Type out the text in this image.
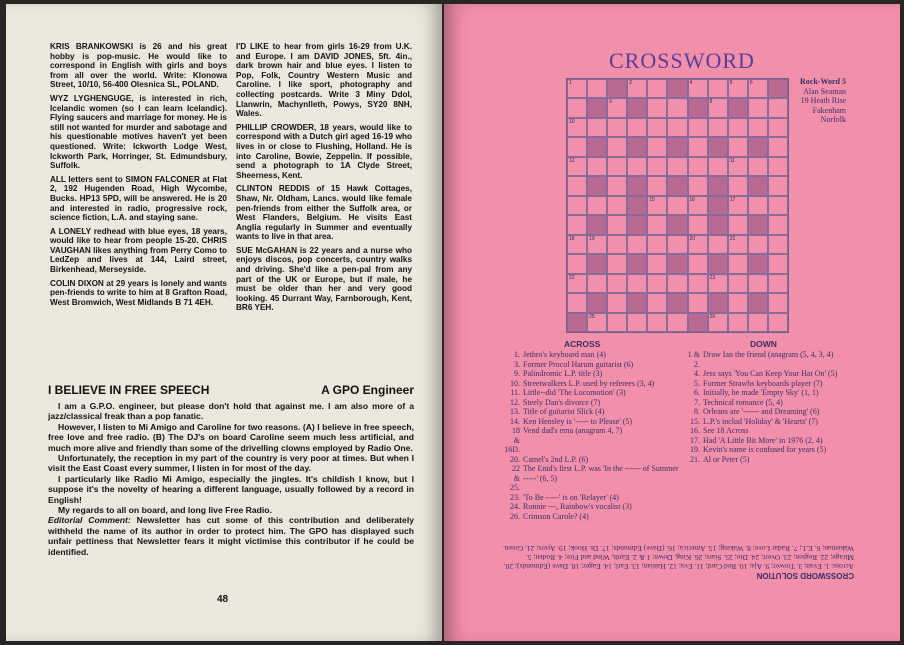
KRIS BRANKOWSKI is 26 and his great hobby is pop-music. He would like to correspond in English with girls and boys from all over the world. Write: Klonowa Street, 10/10, 56-400 Olesnica SL, POLAND.

WYZ LYGHENGUGE, is interested in rich, Icelandic women (so I can learn Icelandic). Flying saucers and marriage for money. He is still not wanted for murder and sabotage and his questionable motives haven't yet been questioned. Write: Ickworth Lodge West, Ickworth Park, Horringer, St. Edmundsbury, Suffolk.

ALL letters sent to SIMON FALCONER at Flat 2, 192 Hugenden Road, High Wycombe, Bucks. HP13 5PD, will be answered. He is 20 and interested in radio, progressive rock, science fiction, L.A. and staying sane.

A LONELY redhead with blue eyes, 18 years, would like to hear from people 15-20. CHRIS VAUGHAN likes anything from Perry Como to LedZep and lives at 144, Laird street, Birkenhead, Merseyside.

COLIN DIXON at 29 years is lonely and wants pen-friends to write to him at 8 Grafton Road, West Bromwich, West Midlands B 71 4EH.

I'D LIKE to hear from girls 16-29 from U.K. and Europe. I am DAVID JONES, 5ft. 4in., dark brown hair and blue eyes. I listen to Pop, Folk, Country Western Music and Caroline. I like sport, photography and collecting postcards. Write 3 Miny Ddol, Llanwrin, Machynlleth, Powys, SY20 8NH, Wales.

PHILLIP CROWDER, 18 years, would like to correspond with a Dutch girl aged 16-19 who lives in or close to Flushing, Holland. He is into Caroline, Bowie, Zeppelin. If possible, send a photograph to 1A Clyde Street, Sheerness, Kent.

CLINTON REDDIS of 15 Hawk Cottages, Shaw, Nr. Oldham, Lancs. would like female pen-friends from either the Suffolk area, or West Flanders, Belgium. He visits East Anglia regularly in Summer and eventually wants to live in that area.

SUE McGAHAN is 22 years and a nurse who enjoys discos, pop concerts, country walks and driving. She'd like a pen-pal from any part of the UK or Europe, but if male, he must be older than her and very good looking. 45 Durrant Way, Farnborough, Kent, BR6 YEH.

I BELIEVE IN FREE SPEECH	A GPO Engineer

I am a G.P.O. engineer, but please don't hold that against me. I am also more of a jazz/classical freak than a pop fanatic.

However, I listen to Mi Amigo and Caroline for two reasons. (A) I believe in free speech, free love and free radio. (B) The DJ's on board Caroline seem much less artificial, and much more alive and friendly than some of the drivelling clowns employed by Radio One.

Unfortunately, the reception in my part of the country is very poor at times. But when I visit the East Coast every summer, I listen in for most of the day.

I particularly like Radio Mi Amigo, especially the jingles. It's childish I know, but I suppose it's the novelty of hearing a different language, usually followed by a record in English!

My regards to all on board, and long live Free Radio.

Editorial Comment: Newsletter has cut some of this contribution and deliberately withheld the name of its author in order to protect him. The GPO has displayed such unfair pettiness that Newsletter fears it might victimise this contributor if he could be identified.

48
CROSSWORD
1	2	4	5	6
9	8
10
12	11
15	16	17
18	19	20	21
22	23
25	26
Rock-Word 5
Alan Seaman
19 Heath Rise
Fakenham
Norfolk
ACROSS	DOWN
1. Jethro's keyboard man (4)
3. Former Procol Harum guitarist (6)
9. Palindromic L.P. title (3)
10. Streetwalkers L.P. used by referees (3, 4)
11. Little--did 'The Locomotion' (3)
12. Steely Dan's divorce (7)
13. Title of guitarist Slick (4)
14. Ken Hensley is '----- to Please' (5)
18 & 16D.
Vend dad's emu (anagram 4, 7)
20. Camel's 2nd L.P. (6)
22 & 25.
The Enid's first L.P. was 'In the ------ of Summer -----' (6, 5)
23. 'To Be -----' is on 'Relayer' (4)
24. Ronnie ---, Rainbow's vocalist (3)
26. Crimson Carole? (4)
1 & 2.
Draw Ian the friend (anagram (5, 4, 3, 4)
4. Jess says 'You Can Keep Your Hat On' (5)
5. Former Strawbs keyboards player (7)
6. Initially, he made 'Empty Sky' (1, 1)
7. Technical romance (5, 4)
8. Orleans are '------ and Dreaming' (6)
15. L.P.'s includ 'Holiday' & 'Hearts' (7)
16. See 18 Across
17. Had 'A Little Bit More' in 1976 (2, 4)
19. Kevin's name is confused for years (5)
21. Al or Peter (5)
CROSSWORD SOLUTION
Across: 1. Evan; 3. Trower; 9. Aja; 10. Red Card; 11. Eva; 12. Haitian; 13. Earl; 14. Eager; 18. Dave (Edmunds); 20. Mirage; 22. Region; 23. Overt; 24. Dio; 25. Stars; 26. King. Down: 1 & 2. Earth, Wind and Fire; 4. Roden; 5. Wakeman; 6. E.J.; 7. Radar Love; 8. Waking; 15. America; 16. (Dave) Edmunds; 17. Dr. Hook; 19. Ayers; 21. Green.
